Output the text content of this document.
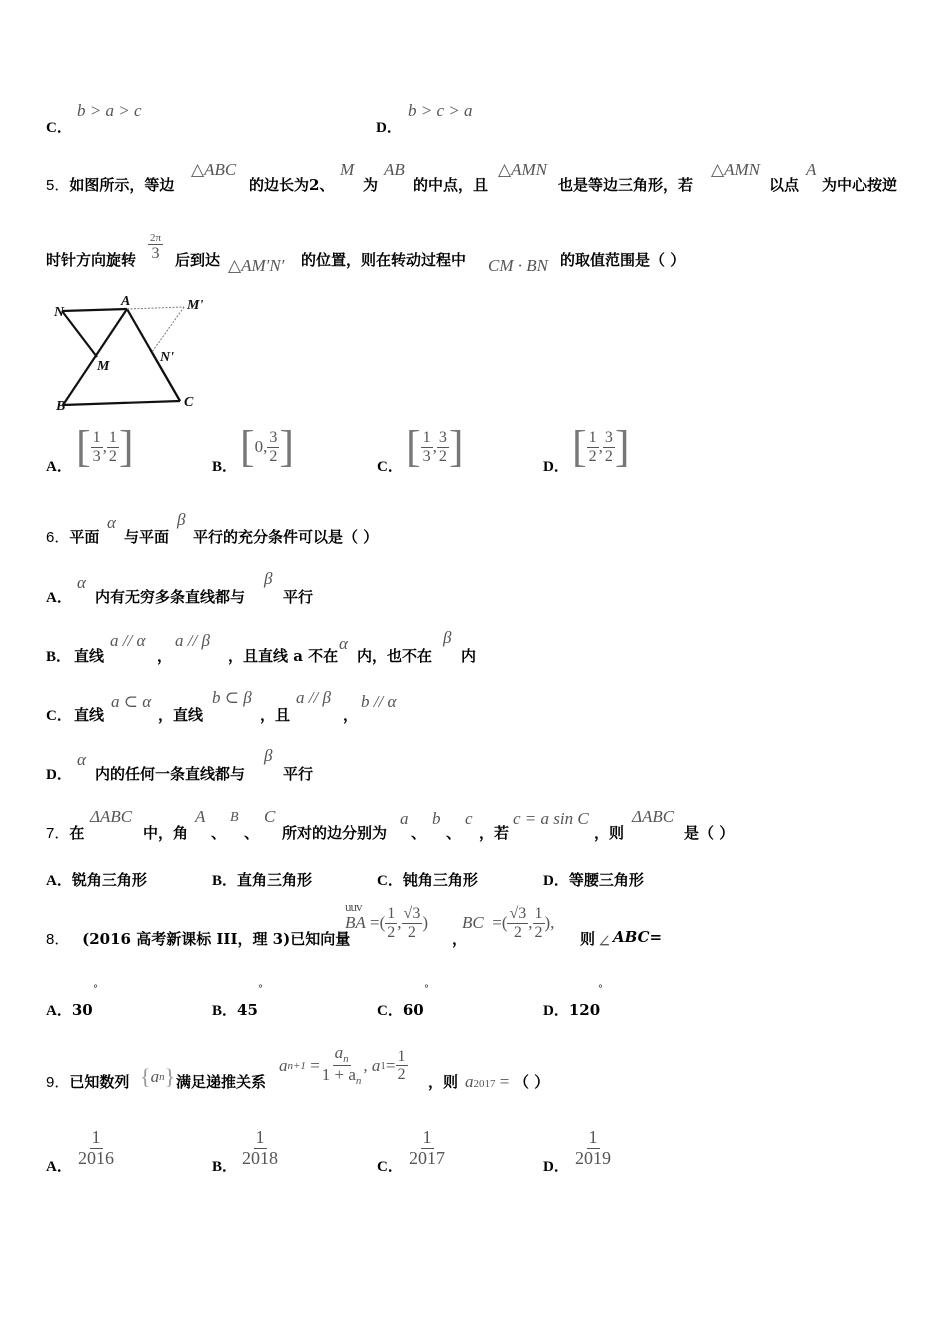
C．
b > a > c
D．
b > c > a
5．如图所示，等边
△ABC
的边长为2、
M
为
AB
的中点，且
△AMN
也是等边三角形，若
△AMN
以点
A
为中心按逆
时针方向旋转 $\frac{2\pi}{3}$ 后到达 △AM′N′ 的位置，则在转动过程中 CM · BN 的取值范围是（ ）
N
A	M'
M
N'
B	C
A． [ $\frac{1}{3}$ , $\frac{1}{2}$ ]	B． [ 0 , $\frac{3}{2}$ ]	C． [ $\frac{1}{3}$ , $\frac{3}{2}$ ]	D． [ $\frac{1}{2}$ , $\frac{3}{2}$ ]
6．平面
α
与平面
β
平行的充分条件可以是（ ）
A．
α
内有无穷多条直线都与
β
平行
B． 直线
a // α
，
a // β
，且直线 a 不在
α
内，也不在
β
内
C． 直线
a ⊂ α
，直线
b ⊂ β
，且
a // β
，
b // α
D．
α
内的任何一条直线都与
β
平行
7．在
ΔABC
中，角
A
、
B
、
C
所对的边分别为
a
、
b
、
c
，若
c = a sin C
，则
ΔABC
是（ ）
A．锐角三角形	B．直角三角形	C．钝角三角形	D．等腰三角形
8． (2016 高考新课标 III，理 3)已知向量
uuv
BA =( $\frac{1}{2}$ , $\frac{√3}{2}$ )
，
BC =( $\frac{√3}{2}$ , $\frac{1}{2}$ ),
则 ∠ ABC=
A．30
°
B．45
°
C．60
°
D．120
°
9．已知数列 { a n } 满足递推关系
a $n+1 = \frac{a_n}{1 + a_n}$ , a $1 = \frac{1}{2}$ ，则 a 2017
= （ ）
A． $\frac{1}{2016}$	B． $\frac{1}{2018}$	C． $\frac{1}{2017}$	D． $\frac{1}{2019}$
